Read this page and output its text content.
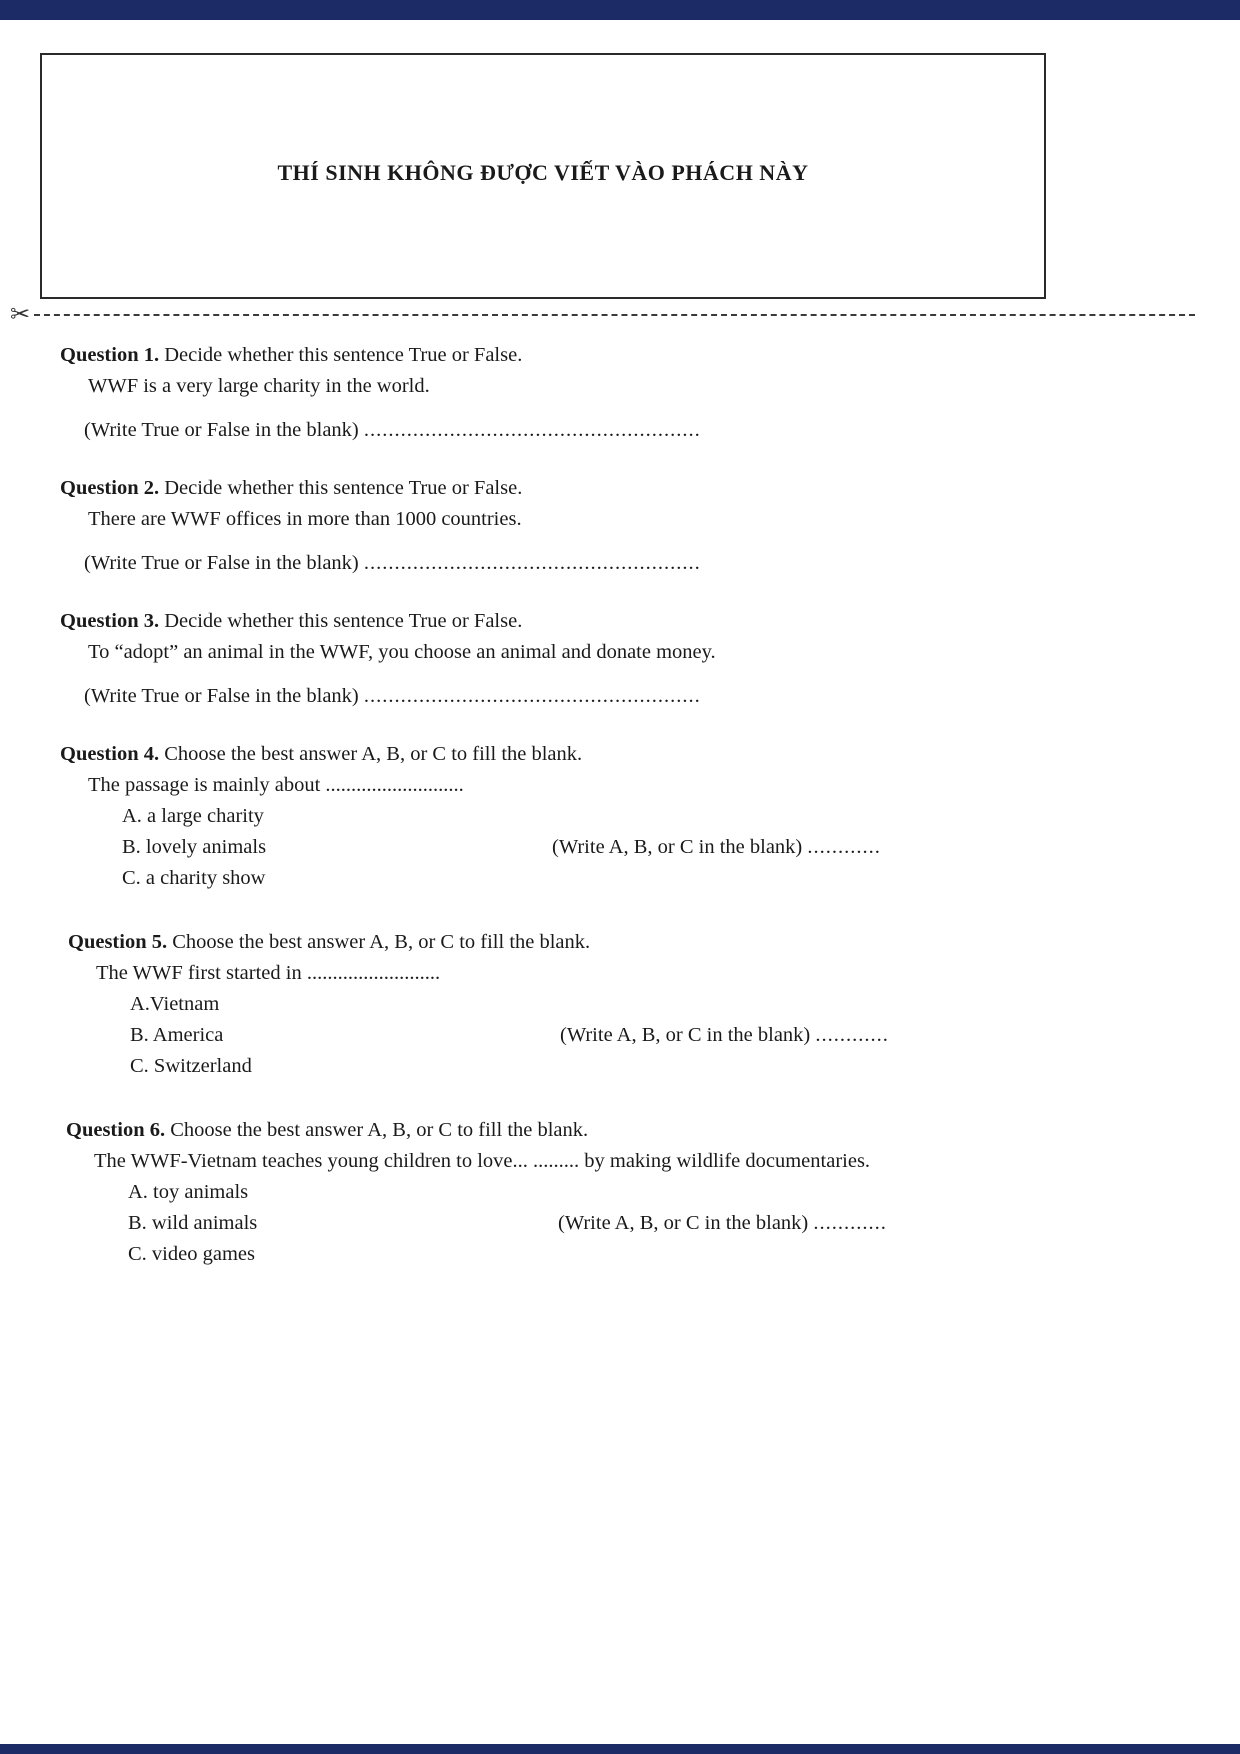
THÍ SINH KHÔNG ĐƯỢC VIẾT VÀO PHÁCH NÀY
✂

Question 1. Decide whether this sentence True or False.

WWF is a very large charity in the world.

(Write True or False in the blank) .......................................................

Question 2. Decide whether this sentence True or False.

There are WWF offices in more than 1000 countries.

(Write True or False in the blank) .......................................................

Question 3. Decide whether this sentence True or False.

To “adopt” an animal in the WWF, you choose an animal and donate money.

(Write True or False in the blank) .......................................................

Question 4. Choose the best answer A, B, or C to fill the blank.

The passage is mainly about ...........................

A. a large charity

B. lovely animals	(Write A, B, or C in the blank) ............

C. a charity show

Question 5. Choose the best answer A, B, or C to fill the blank.

The WWF first started in ..........................

A.Vietnam

B. America	(Write A, B, or C in the blank) ............

C. Switzerland

Question 6. Choose the best answer A, B, or C to fill the blank.

The WWF-Vietnam teaches young children to love... ......... by making wildlife documentaries.

A. toy animals

B. wild animals	(Write A, B, or C in the blank) ............

C. video games
